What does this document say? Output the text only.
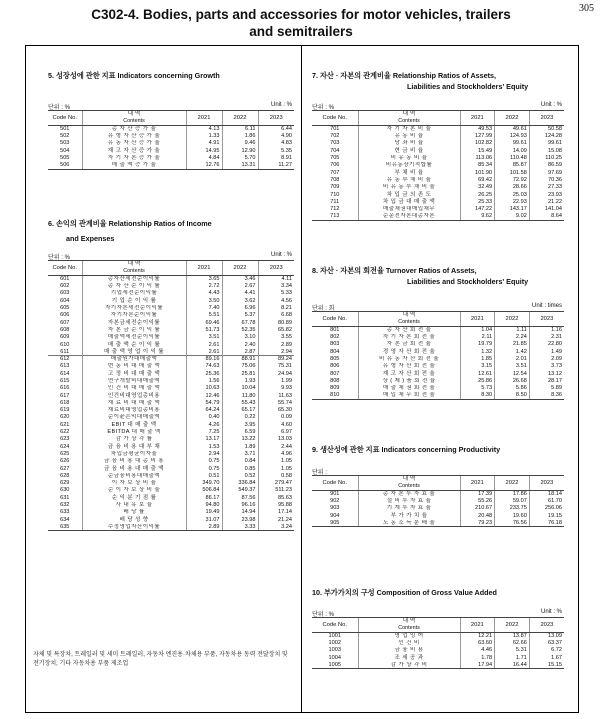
305
C302-4. Bodies, parts and accessories for motor vehicles, trailers
and semitrailers
5. 성장성에 관한 지표 Indicators concerning Growth
단위 : %	Unit : %
Code No.	내 역
Contents	2021	2022	2023
501	총 자 산 증 가 율	4.13	6.11	6.44
502	유 형 자 산 증 가 율	1.33	1.86	4.90
503	유 동 자 산 증 가 율	4.91	9.46	4.83
504	재 고 자 산 증 가 율	14.95	12.90	5.35
505	자 기 자 본 증 가 율	4.84	5.70	8.91
506	매 출 액 증 가 율	12.76	13.31	11.27
6. 손익의 관계비율 Relationship Ratios of Income
and Expenses
단위 : %	Unit : %
Code No.	내 역
Contents	2021	2022	2023
601	총자산세전순이익률	3.65	3.46	4.11
602	총 자 산 순 이 익 률	2.72	2.67	3.34
603	기업세전순이익률	4.43	4.41	5.33
604	기 업 순 이 익 률	3.50	3.62	4.56
605	자기자본세전순이익률	7.40	6.96	8.21
606	자기자본순이익률	5.51	5.37	6.68
607	자본금세전순이익률	69.46	67.78	80.89
608	자 본 금 순 이 익 률	51.73	52.35	65.82
609	매출액세전순이익률	3.51	3.10	3.55
610	매 출 액 순 이 익 률	2.61	2.40	2.89
611	매 출 액 영 업 이 익 률	2.61	2.87	2.94
612	매출원가대매출액	89.16	88.91	89.24
613	변 동 비 대 매 출 액	74.63	75.06	75.31
614	고 정 비 대 매 출 액	25.36	25.81	24.94
615	연구개발비대매출액	1.56	1.93	1.99
616	인 건 비 대 매 출 액	10.63	10.04	9.93
617	인건비대영업총비용	12.46	11.80	11.63
618	재 료 비 대 매 출 액	54.79	55.43	55.74
619	재료비대영업총비용	64.24	65.17	65.30
620	순이윤손익대매출액	0.40	0.22	0.09
621	EBIT 대 매 출 액	4.26	3.95	4.60
622	EBITDA 대 매 출 액	7.25	6.59	6.97
623	감 가 상 각 률	13.17	13.22	13.03
624	금 융 비 용 대 부 채	1.53	1.89	2.44
625	차입금평균이자율	2.94	3.71	4.96
626	금 융 비 용 대 총 비 용	0.75	0.84	1.05
627	금 융 비 용 대 매 출 액	0.75	0.85	1.05
628	순금융비용대매출액	0.51	0.52	0.58
629	이 자 보 상 비 율	349.70	336.84	279.47
630	순 이 자 보 상 비 율	506.84	549.37	511.23
631	순 익 분 기 점 률	86.17	87.56	85.63
632	사 내 유 보 율	94.80	96.16	95.88
633	배 당 률	19.49	14.94	17.14
634	배 당 성 향	31.07	23.98	21.24
635	수정영업자산이익률	2.89	3.33	3.24
7. 자산 · 자본의 관계비율 Relationship Ratios of Assets,
Liabilities and Stockholders' Equity
단위 : %	Unit : %
Code No.	내 역
Contents	2021	2022	2023
701	자 기 자 본 비 율	49.53	49.61	50.58
702	유 동 비 율	127.99	124.93	124.28
703	당 좌 비 율	102.82	99.61	99.61
704	현 금 비 율	15.49	14.09	15.08
705	비 유 동 비 율	113.06	110.48	110.25
706	비유동장기적합률	85.34	85.87	86.59
707	부 채 비 율	101.90	101.58	97.69
708	유 동 부 채 비 율	69.42	72.92	70.36
709	비 유 동 부 채 비 율	32.49	28.66	27.33
710	차 입 금 의 존 도	26.25	25.03	23.93
711	차 입 금 대 매 출 액	25.33	22.93	21.22
712	매출채권대매입채무	147.22	143.17	141.04
713	순운전자본대총자본	9.62	9.02	8.64
8. 자산 · 자본의 회전율 Turnover Ratios of Assets,
Liabilities and Stockholders' Equity
단위 : 회	Unit : times
Code No.	내 역
Contents	2021	2022	2023
801	총 자 산 회 전 율	1.04	1.11	1.16
802	자 기 자 본 회 전 율	2.11	2.24	2.31
803	자 본 금 회 전 율	19.79	21.85	22.80
804	경 영 자 산 회 전 율	1.32	1.42	1.49
805	비 유 동 자 산 회 전 율	1.85	2.01	2.09
806	유 형 자 산 회 전 율	3.15	3.51	3.73
807	재 고 자 산 회 전 율	12.61	12.54	13.12
808	상 ( 제 ) 품 회 전 율	25.86	26.68	28.17
809	매 출 채 권 회 전 율	5.73	5.86	5.89
810	매 입 채 무 회 전 율	8.30	8.50	8.36
9. 생산성에 관한 지표 Indicators concerning Productivity
단위 :
Code No.	내 역
Contents	2021	2022	2023
901	총 자 본 투 자 효 율	17.39	17.86	18.14
902	설 비 투 자 효 율	55.26	59.07	61.70
903	기 계 투 자 효 율	210.67	233.75	256.06
904	부 가 가 치 율	20.48	19.60	19.15
905	노 동 소 득 분 배 율	79.23	76.56	76.18
10. 부가가치의 구성 Composition of Gross Value Added
단위 : %	Unit : %
Code No.	내 역
Contents	2021	2022	2023
1001	영 업 잉 여	12.21	13.87	13.09
1002	인 건 비	63.60	62.66	63.37
1003	금 융 비 용	4.46	5.31	6.72
1004	조 세 공 과	1.78	1.71	1.67
1005	감 가 상 각 비	17.94	16.44	15.15
자체 및 특장차, 트레일러 및 세미 트레일러, 자동차 엔진용·차체용 부품, 자동차용 동력 전달장치 및 전기장치, 기타 자동차용 부품 제조업
